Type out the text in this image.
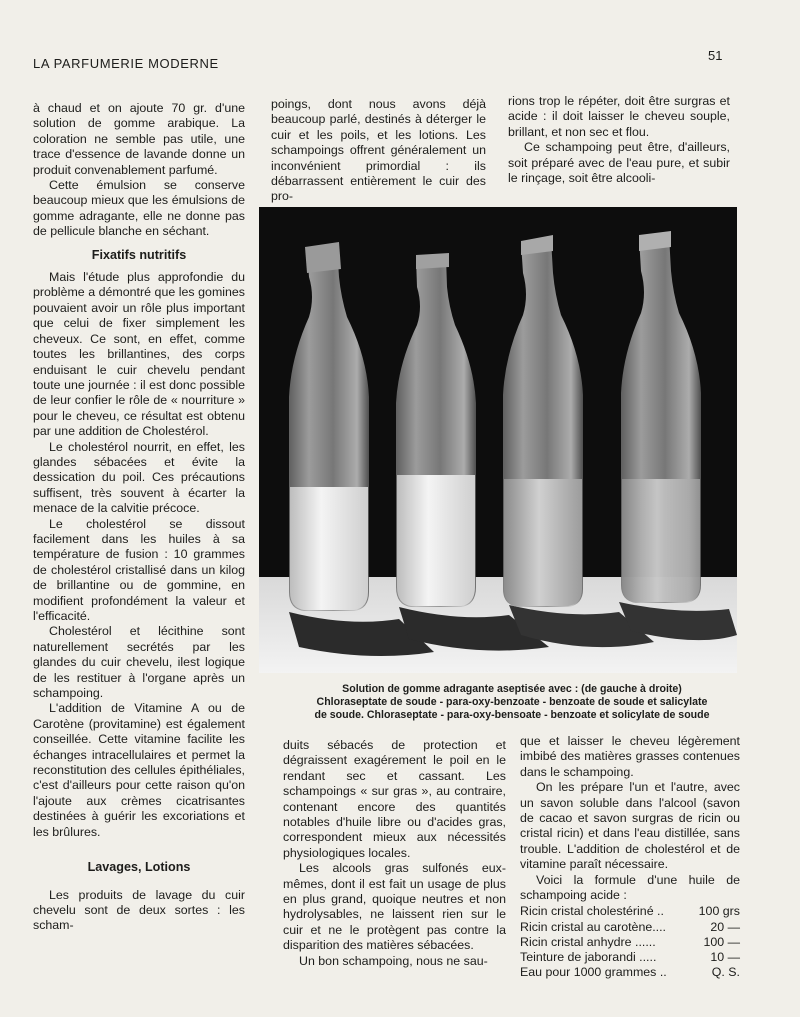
LA PARFUMERIE MODERNE
51

à chaud et on ajoute 70 gr. d'une solution de gomme arabique. La coloration ne semble pas utile, une trace d'essence de lavande donne un produit convenablement parfumé.

Cette émulsion se conserve beaucoup mieux que les émulsions de gomme adragante, elle ne donne pas de pellicule blanche en séchant.

Fixatifs nutritifs

Mais l'étude plus approfondie du problème a démontré que les gomines pouvaient avoir un rôle plus important que celui de fixer simplement les cheveux. Ce sont, en effet, comme toutes les brillantines, des corps enduisant le cuir chevelu pendant toute une journée : il est donc possible de leur confier le rôle de « nourriture » pour le cheveu, ce résultat est obtenu par une addition de Cholestérol.

Le cholestérol nourrit, en effet, les glandes sébacées et évite la dessication du poil. Ces précautions suffisent, très souvent à écarter la menace de la calvitie précoce.

Le cholestérol se dissout facilement dans les huiles à sa température de fusion : 10 grammes de cholestérol cristallisé dans un kilog de brillantine ou de gommine, en modifient profondément la valeur et l'efficacité.

Cholestérol et lécithine sont naturellement secrétés par les glandes du cuir chevelu, ilest logique de les restituer à l'organe après un schampoing.

L'addition de Vitamine A ou de Carotène (provitamine) est également conseillée. Cette vitamine facilite les échanges intracellulaires et permet la reconstitution des cellules épithéliales, c'est d'ailleurs pour cette raison qu'on l'ajoute aux crèmes cicatrisantes destinées à guérir les excoriations et les brûlures.

Lavages, Lotions

Les produits de lavage du cuir chevelu sont de deux sortes : les scham-

poings, dont nous avons déjà beaucoup parlé, destinés à déterger le cuir et les poils, et les lotions. Les schampoings offrent généralement un inconvénient primordial : ils débarrassent entièrement le cuir des pro-

rions trop le répéter, doit être surgras et acide : il doit laisser le cheveu souple, brillant, et non sec et flou.

Ce schampoing peut être, d'ailleurs, soit préparé avec de l'eau pure, et subir le rinçage, soit être alcooli-

Solution de gomme adragante aseptisée avec : (de gauche à droite)
Chloraseptate de soude - para-oxy-benzoate - benzoate de soude et salicylate
de soude. Chloraseptate - para-oxy-bensoate - benzoate et solicylate de soude

duits sébacés de protection et dégraissent exagérement le poil en le rendant sec et cassant. Les schampoings « sur gras », au contraire, contenant encore des quantités notables d'huile libre ou d'acides gras, correspondent mieux aux nécessités physiologiques locales.

Les alcools gras sulfonés eux-mêmes, dont il est fait un usage de plus en plus grand, quoique neutres et non hydrolysables, ne laissent rien sur le cuir et ne le protègent pas contre la disparition des matières sébacées.

Un bon schampoing, nous ne sau-

que et laisser le cheveu légèrement imbibé des matières grasses contenues dans le schampoing.

On les prépare l'un et l'autre, avec un savon soluble dans l'alcool (savon de cacao et savon surgras de ricin ou cristal ricin) et dans l'eau distillée, sans trouble. L'addition de cholestérol et de vitamine paraît nécessaire.

Voici la formule d'une huile de schampoing acide :

Ricin cristal cholestériné ..	100 grs
Ricin cristal au carotène....	20 —
Ricin cristal anhydre ......	100 —
Teinture de jaborandi .....	10 —
Eau pour 1000 grammes ..	Q. S.
